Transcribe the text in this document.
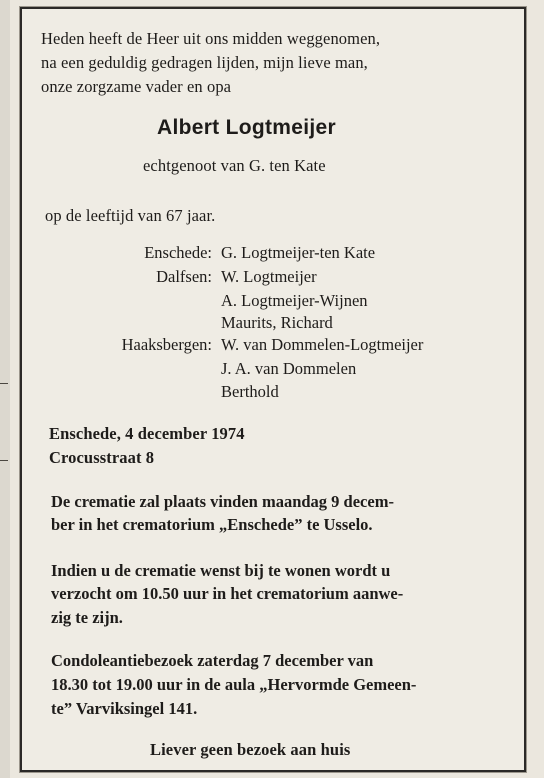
Heden heeft de Heer uit ons midden weggenomen,
na een geduldig gedragen lijden, mijn lieve man,
onze zorgzame vader en opa
Albert Logtmeijer
echtgenoot van G. ten Kate
op de leeftijd van 67 jaar.
Enschede: G. Logtmeijer-ten Kate
Dalfsen: W. Logtmeijer
A. Logtmeijer-Wijnen
Maurits, Richard
Haaksbergen: W. van Dommelen-Logtmeijer
J. A. van Dommelen
Berthold
Enschede, 4 december 1974
Crocusstraat 8
De crematie zal plaats vinden maandag 9 decem-
ber in het crematorium „Enschede” te Usselo.
Indien u de crematie wenst bij te wonen wordt u
verzocht om 10.50 uur in het crematorium aanwe-
zig te zijn.
Condoleantiebezoek zaterdag 7 december van
18.30 tot 19.00 uur in de aula „Hervormde Gemeen-
te” Varviksingel 141.
Liever geen bezoek aan huis
